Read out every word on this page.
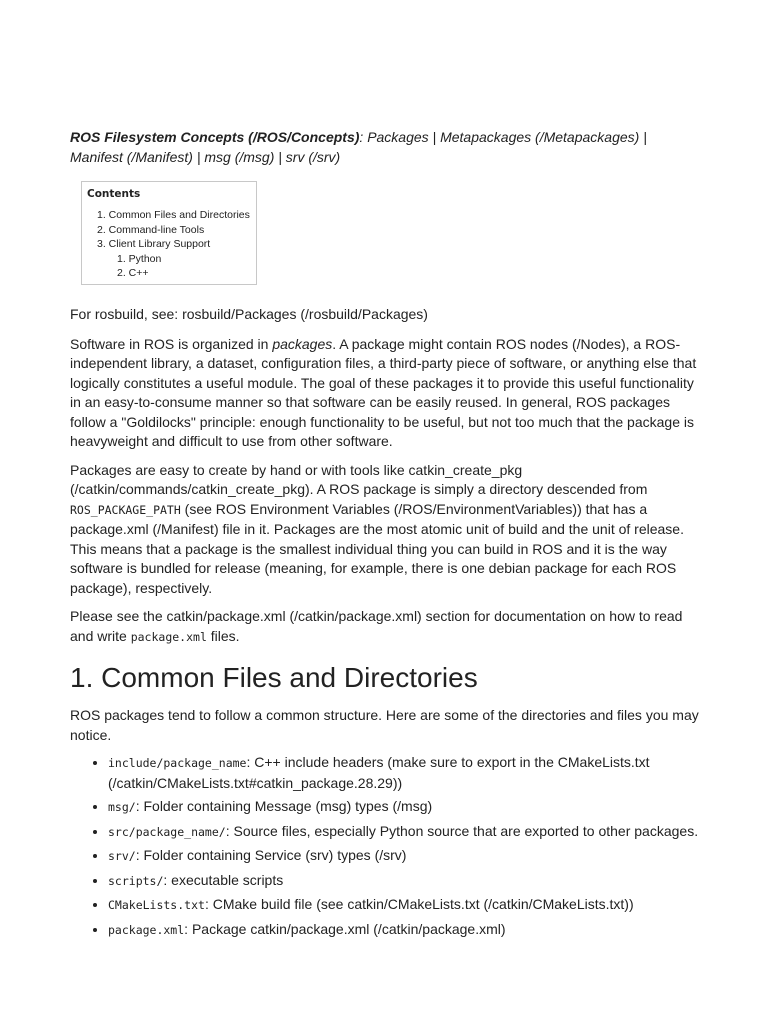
ROS Filesystem Concepts (/ROS/Concepts): Packages | Metapackages (/Metapackages) | Manifest (/Manifest) | msg (/msg) | srv (/srv)

Contents
1. Common Files and Directories
2. Command-line Tools
3. Client Library Support
1. Python
2. C++

For rosbuild, see: rosbuild/Packages (/rosbuild/Packages)

Software in ROS is organized in packages. A package might contain ROS nodes (/Nodes), a ROS-independent library, a dataset, configuration files, a third-party piece of software, or anything else that logically constitutes a useful module. The goal of these packages it to provide this useful functionality in an easy-to-consume manner so that software can be easily reused. In general, ROS packages follow a "Goldilocks" principle: enough functionality to be useful, but not too much that the package is heavyweight and difficult to use from other software.

Packages are easy to create by hand or with tools like catkin_create_pkg (/catkin/commands/catkin_create_pkg). A ROS package is simply a directory descended from ROS_PACKAGE_PATH (see ROS Environment Variables (/ROS/EnvironmentVariables)) that has a package.xml (/Manifest) file in it. Packages are the most atomic unit of build and the unit of release. This means that a package is the smallest individual thing you can build in ROS and it is the way software is bundled for release (meaning, for example, there is one debian package for each ROS package), respectively.

Please see the catkin/package.xml (/catkin/package.xml) section for documentation on how to read and write package.xml files.

1. Common Files and Directories

ROS packages tend to follow a common structure. Here are some of the directories and files you may notice.

• include/package_name: C++ include headers (make sure to export in the CMakeLists.txt (/catkin/CMakeLists.txt#catkin_package.28.29))
• msg/: Folder containing Message (msg) types (/msg)
• src/package_name/: Source files, especially Python source that are exported to other packages.
• srv/: Folder containing Service (srv) types (/srv)
• scripts/: executable scripts
• CMakeLists.txt: CMake build file (see catkin/CMakeLists.txt (/catkin/CMakeLists.txt))
• package.xml: Package catkin/package.xml (/catkin/package.xml)
